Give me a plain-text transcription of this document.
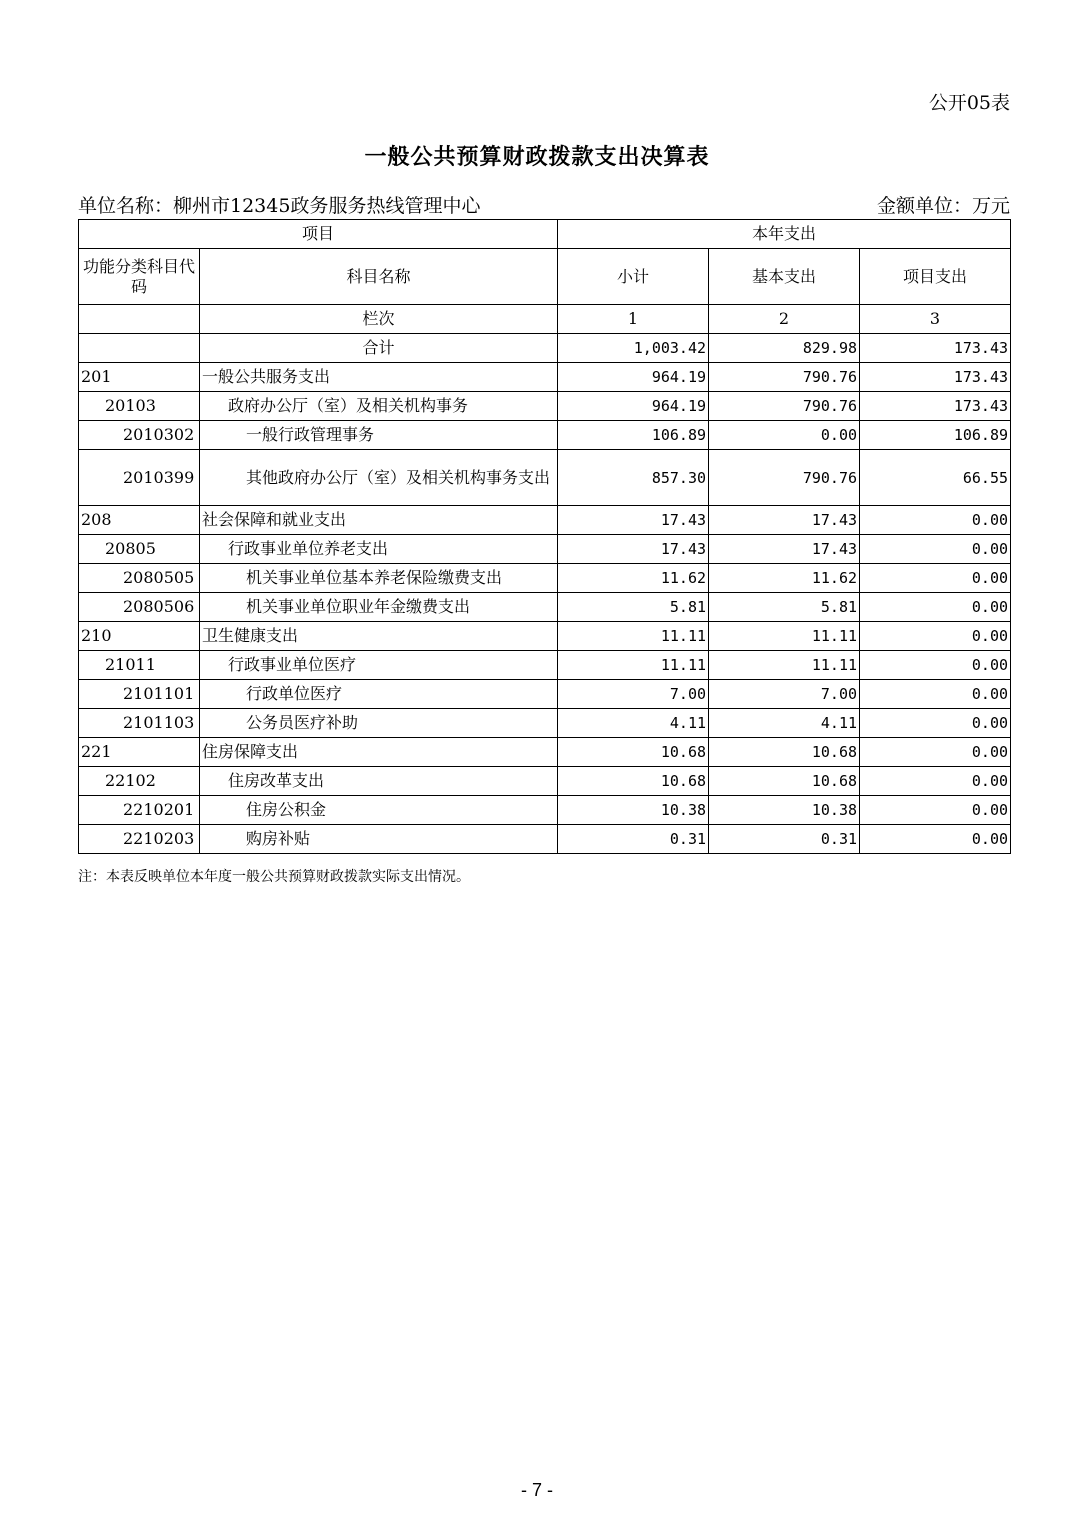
公开05表
一般公共预算财政拨款支出决算表
单位名称：柳州市12345政务服务热线管理中心	金额单位：万元
项目		本年支出		
功能分类科目代码	科目名称	小计	基本支出	项目支出
	栏次	1	2	3
	合计	1,003.42	829.98	173.43
201	一般公共服务支出	964.19	790.76	173.43
20103	政府办公厅（室）及相关机构事务	964.19	790.76	173.43
2010302	一般行政管理事务	106.89	0.00	106.89
2010399	其他政府办公厅（室）及相关机构事务支出	857.30	790.76	66.55
208	社会保障和就业支出	17.43	17.43	0.00
20805	行政事业单位养老支出	17.43	17.43	0.00
2080505	机关事业单位基本养老保险缴费支出	11.62	11.62	0.00
2080506	机关事业单位职业年金缴费支出	5.81	5.81	0.00
210	卫生健康支出	11.11	11.11	0.00
21011	行政事业单位医疗	11.11	11.11	0.00
2101101	行政单位医疗	7.00	7.00	0.00
2101103	公务员医疗补助	4.11	4.11	0.00
221	住房保障支出	10.68	10.68	0.00
22102	住房改革支出	10.68	10.68	0.00
2210201	住房公积金	10.38	10.38	0.00
2210203	购房补贴	0.31	0.31	0.00
注：本表反映单位本年度一般公共预算财政拨款实际支出情况。
- 7 -
